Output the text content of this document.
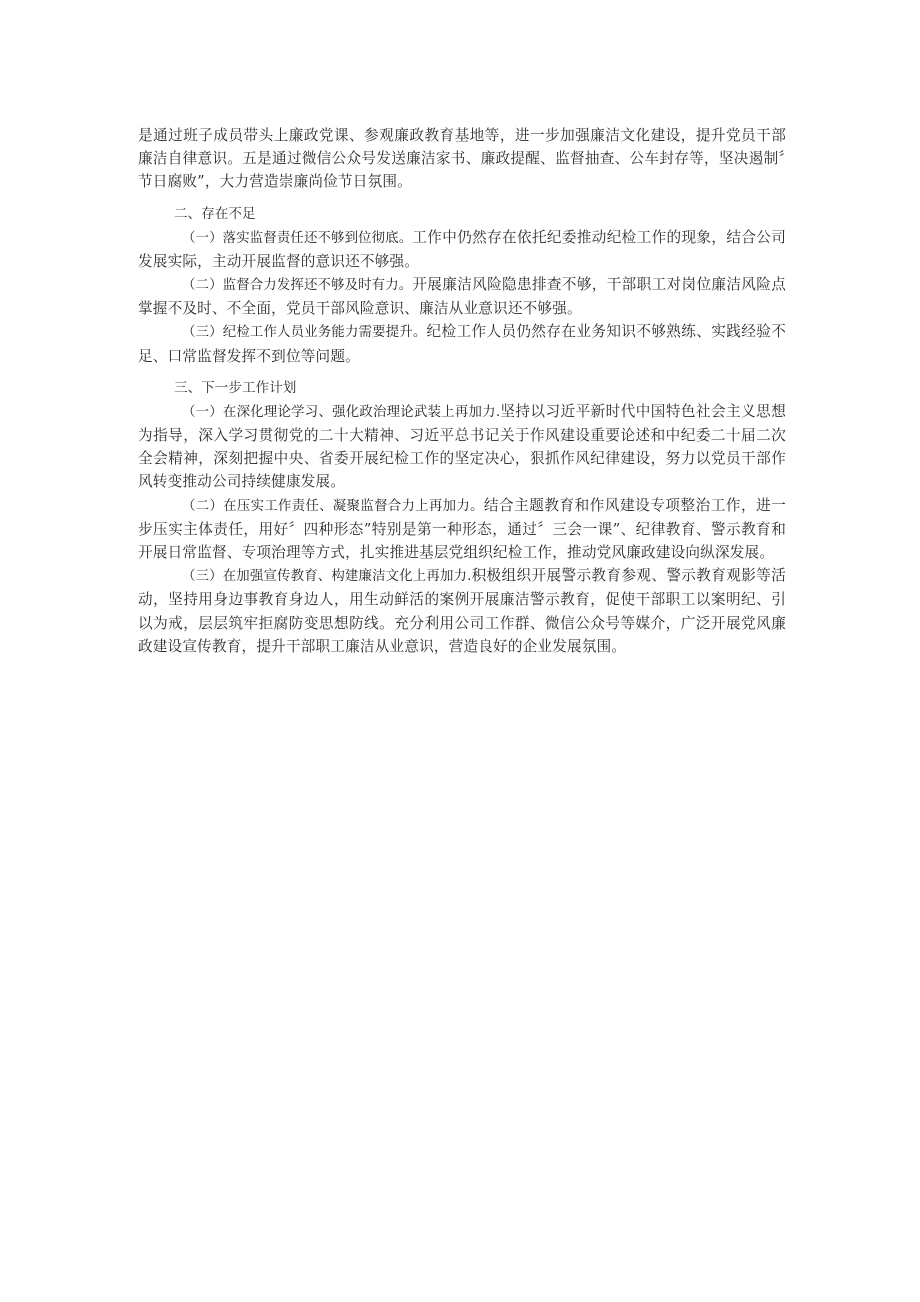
是通过班子成员带头上廉政党课、参观廉政教育基地等，进一步加强廉洁文化建设，提升党员干部廉洁自律意识。五是通过微信公众号发送廉洁家书、廉政提醒、监督抽查、公车封存等，坚决遏制〞节日腐败”，大力营造崇廉尚俭节日氛围。

二、存在不足

（一）落实监督责任还不够到位彻底。工作中仍然存在依托纪委推动纪检工作的现象，结合公司发展实际，主动开展监督的意识还不够强。

（二）监督合力发挥还不够及时有力。开展廉洁风险隐患排查不够，干部职工对岗位廉洁风险点掌握不及时、不全面，党员干部风险意识、廉洁从业意识还不够强。

（三）纪检工作人员业务能力需要提升。纪检工作人员仍然存在业务知识不够熟练、实践经验不足、口常监督发挥不到位等问题。

三、下一步工作计划

（一）在深化理论学习、强化政治理论武装上再加力.坚持以习近平新时代中国特色社会主义思想为指导，深入学习贯彻党的二十大精神、习近平总书记关于作风建设重要论述和中纪委二十届二次全会精神，深刻把握中央、省委开展纪检工作的坚定决心，狠抓作风纪律建设，努力以党员干部作风转变推动公司持续健康发展。

（二）在压实工作责任、凝聚监督合力上再加力。结合主题教育和作风建设专项整治工作，进一步压实主体责任，用好〞四种形态”特别是第一种形态，通过〞三会一课”、纪律教育、警示教育和开展日常监督、专项治理等方式，扎实推进基层党组织纪检工作，推动党风廉政建设向纵深发展。

（三）在加强宣传教育、构建廉洁文化上再加力.积极组织开展警示教育参观、警示教育观影等活动，坚持用身边事教育身边人，用生动鲜活的案例开展廉洁警示教育，促使干部职工以案明纪、引以为戒，层层筑牢拒腐防变思想防线。充分利用公司工作群、微信公众号等媒介，广泛开展党风廉政建设宣传教育，提升干部职工廉洁从业意识，营造良好的企业发展氛围。
